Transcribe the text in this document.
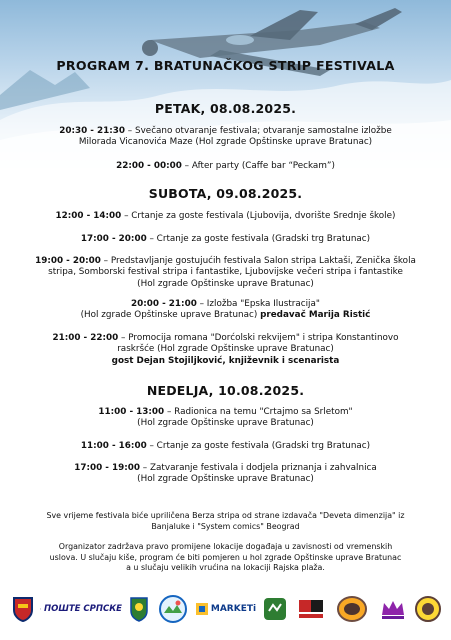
PROGRAM 7. BRATUNAČKOG STRIP FESTIVALA
PETAK, 08.08.2025.
20:30 - 21:30 – Svečano otvaranje festivala; otvaranje samostalne izložbe
Milorada Vicanovića Maze (Hol zgrade Opštinske uprave Bratunac)
22:00 - 00:00 – After party (Caffe bar “Peckam”)
SUBOTA, 09.08.2025.
12:00 - 14:00 – Crtanje za goste festivala (Ljubovija, dvorište Srednje škole)
17:00 - 20:00 – Crtanje za goste festivala (Gradski trg Bratunac)
19:00 - 20:00 – Predstavljanje gostujućih festivala Salon stripa Laktaši, Zenička škola
stripa, Somborski festival stripa i fantastike, Ljubovijske večeri stripa i fantastike
(Hol zgrade Opštinske uprave Bratunac)
20:00 - 21:00 – Izložba "Epska Ilustracija"
(Hol zgrade Opštinske uprave Bratunac) predavač Marija Ristić
21:00 - 22:00 – Promocija romana "Dorćolski rekvijem" i stripa Konstantinovo
raskršće (Hol zgrade Opštinske uprave Bratunac)
gost Dejan Stojiljković, književnik i scenarista
NEDELJA, 10.08.2025.
11:00 - 13:00 – Radionica na temu "Crtajmo sa Srletom"
(Hol zgrade Opštinske uprave Bratunac)
11:00 - 16:00 – Crtanje za goste festivala (Gradski trg Bratunac)
17:00 - 19:00 – Zatvaranje festivala i dodjela priznanja i zahvalnica
(Hol zgrade Opštinske uprave Bratunac)
Sve vrijeme festivala biće upriličena Berza stripa od strane izdavača "Deveta dimenzija" iz
Banjaluke i "System comics" Beograd
Organizator zadržava pravo promijene lokacije događaja u zavisnosti od vremenskih
uslova. U slučaju kiše, program će biti pomjeren u hol zgrade Opštinske uprave Bratunac
a u slučaju velikih vrućina na lokaciji Rajska plaža.
ПОШТЕ СРПСКЕ	MARKETi
